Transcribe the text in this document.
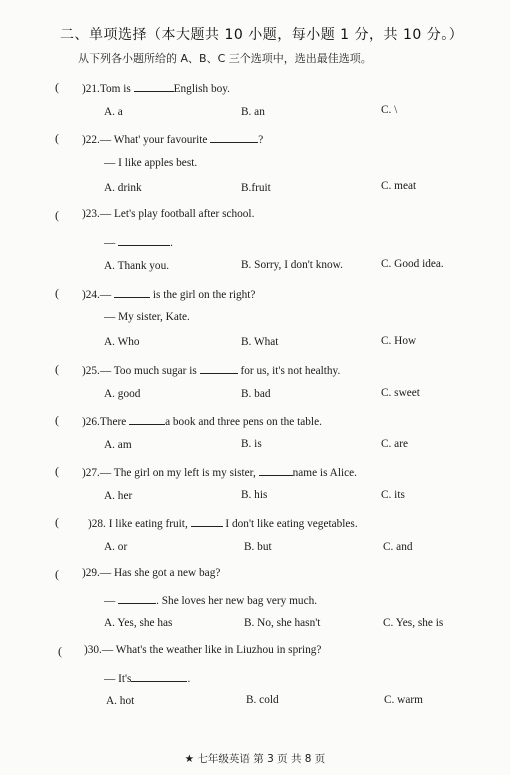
二、单项选择（本大题共 10 小题，每小题 1 分，共 10 分。）
从下列各小题所给的 A、B、C 三个选项中，选出最佳选项。
( )21.Tom is	English boy.
A. a	B. an	C. \
( )22.— What' your favourite	?
— I like apples best.
A. drink	B.fruit	C. meat
( )23.— Let's play football after school.
—	.
A. Thank you.	B. Sorry, I don't know.	C. Good idea.
( )24.—	is the girl on the right?
— My sister, Kate.
A. Who	B. What	C. How
( )25.— Too much sugar is	for us, it's not healthy.
A. good	B. bad	C. sweet
( )26.There	a book and three pens on the table.
A. am	B. is	C. are
( )27.— The girl on my left is my sister,	name is Alice.
A. her	B. his	C. its
(	)28. I like eating fruit,	I don't like eating vegetables.
A. or	B. but	C. and
( )29.— Has she got a new bag?
—	. She loves her new bag very much.
A. Yes, she has	B. No, she hasn't	C. Yes, she is
( )30.— What's the weather like in Liuzhou in spring?
— It's	.
A. hot	B. cold	C. warm
★ 七年级英语 第 3 页 共 8 页
